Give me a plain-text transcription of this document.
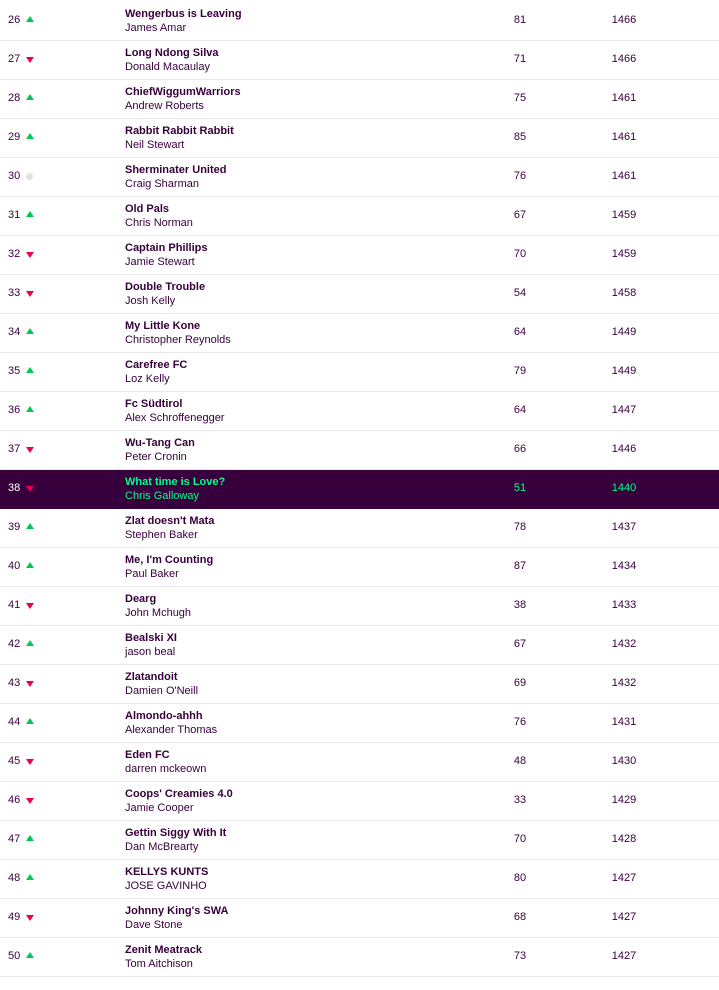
26	Wengerbus is Leaving
James Amar
81	1466
27	Long Ndong Silva
Donald Macaulay
71	1466
28	ChiefWiggumWarriors
Andrew Roberts
75	1461
29	Rabbit Rabbit Rabbit
Neil Stewart
85	1461
30	Sherminater United
Craig Sharman
76	1461
31	Old Pals
Chris Norman
67	1459
32	Captain Phillips
Jamie Stewart
70	1459
33	Double Trouble
Josh Kelly
54	1458
34	My Little Kone
Christopher Reynolds
64	1449
35	Carefree FC
Loz Kelly
79	1449
36	Fc Südtirol
Alex Schroffenegger
64	1447
37	Wu-Tang Can
Peter Cronin
66	1446
38	What time is Love?
Chris Galloway
51	1440
39	Zlat doesn't Mata
Stephen Baker
78	1437
40	Me, I'm Counting
Paul Baker
87	1434
41	Dearg
John Mchugh
38	1433
42	Bealski XI
jason beal
67	1432
43	Zlatandoit
Damien O'Neill
69	1432
44	Almondo-ahhh
Alexander Thomas
76	1431
45	Eden FC
darren mckeown
48	1430
46	Coops' Creamies 4.0
Jamie Cooper
33	1429
47	Gettin Siggy With It
Dan McBrearty
70	1428
48	KELLYS KUNTS
JOSE GAVINHO
80	1427
49	Johnny King's SWA
Dave Stone
68	1427
50	Zenit Meatrack
Tom Aitchison
73	1427
